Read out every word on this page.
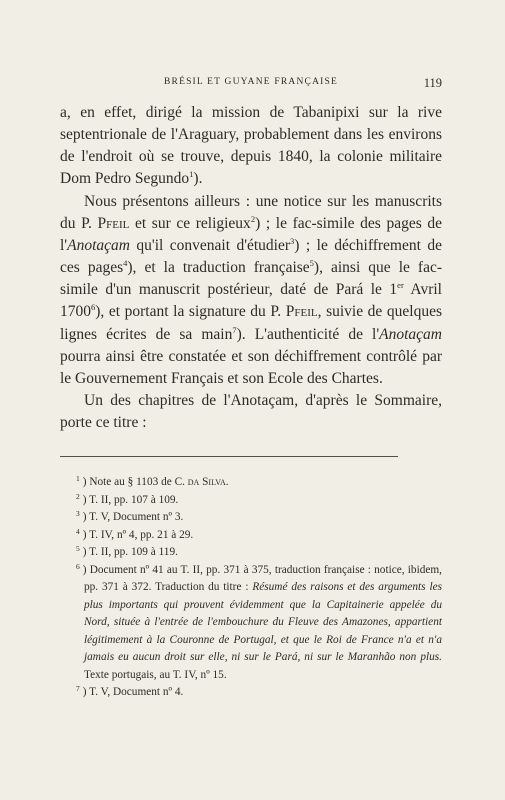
BRÉSIL ET GUYANE FRANÇAISE	119

a, en effet, dirigé la mission de Tabanipixi sur la rive septentrionale de l'Araguary, probablement dans les environs de l'endroit où se trouve, depuis 1840, la colonie militaire Dom Pedro Segundo$^1$).

Nous présentons ailleurs : une notice sur les manuscrits du P. Pfeil et sur ce religieux$^2$) ; le fac-simile des pages de l'Anotaçam qu'il convenait d'étudier$^3$) ; le déchiffrement de ces pages$^4$), et la traduction française$^5$), ainsi que le fac-simile d'un manuscrit postérieur, daté de Pará le 1er Avril 1700$^6$), et portant la signature du P. Pfeil, suivie de quelques lignes écrites de sa main$^7$). L'authenticité de l'Anotaçam pourra ainsi être constatée et son déchiffrement contrôlé par le Gouvernement Français et son Ecole des Chartes.

Un des chapitres de l'Anotaçam, d'après le Sommaire, porte ce titre :

$^1$ ) Note au § 1103 de C. da Silva.

$^2$ ) T. II, pp. 107 à 109.

$^3$ ) T. V, Document nº 3.

$^4$ ) T. IV, nº 4, pp. 21 à 29.

$^5$ ) T. II, pp. 109 à 119.

$^6$ ) Document nº 41 au T. II, pp. 371 à 375, traduction française : notice, ibidem, pp. 371 à 372. Traduction du titre : Résumé des raisons et des arguments les plus importants qui prouvent évidemment que la Capitainerie appelée du Nord, située à l'entrée de l'embouchure du Fleuve des Amazones, appartient légitimement à la Couronne de Portugal, et que le Roi de France n'a et n'a jamais eu aucun droit sur elle, ni sur le Pará, ni sur le Maranhão non plus. Texte portugais, au T. IV, nº 15.

$^7$ ) T. V, Document nº 4.
